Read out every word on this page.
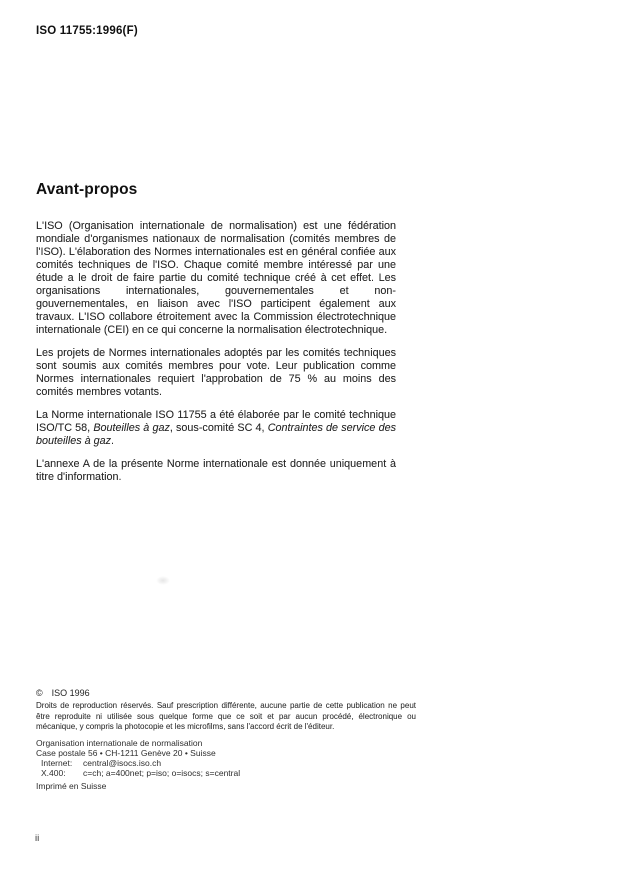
ISO 11755:1996(F)
Avant-propos

L'ISO (Organisation internationale de normalisation) est une fédération mondiale d'organismes nationaux de normalisation (comités membres de l'ISO). L'élaboration des Normes internationales est en général confiée aux comités techniques de l'ISO. Chaque comité membre intéressé par une étude a le droit de faire partie du comité technique créé à cet effet. Les organisations internationales, gouvernementales et non-gouvernementales, en liaison avec l'ISO participent également aux travaux. L'ISO collabore étroitement avec la Commission électrotechnique internationale (CEI) en ce qui concerne la normalisation électrotechnique.

Les projets de Normes internationales adoptés par les comités techniques sont soumis aux comités membres pour vote. Leur publication comme Normes internationales requiert l'approbation de 75 % au moins des comités membres votants.

La Norme internationale ISO 11755 a été élaborée par le comité technique ISO/TC 58, Bouteilles à gaz, sous-comité SC 4, Contraintes de service des bouteilles à gaz.

L'annexe A de la présente Norme internationale est donnée uniquement à titre d'information.

© ISO 1996

Droits de reproduction réservés. Sauf prescription différente, aucune partie de cette publication ne peut être reproduite ni utilisée sous quelque forme que ce soit et par aucun procédé, électronique ou mécanique, y compris la photocopie et les microfilms, sans l'accord écrit de l'éditeur.

Organisation internationale de normalisation
Case postale 56 • CH-1211 Genève 20 • Suisse
Internet:	central@isocs.iso.ch
X.400:	c=ch; a=400net; p=iso; o=isocs; s=central
Imprimé en Suisse
ii
